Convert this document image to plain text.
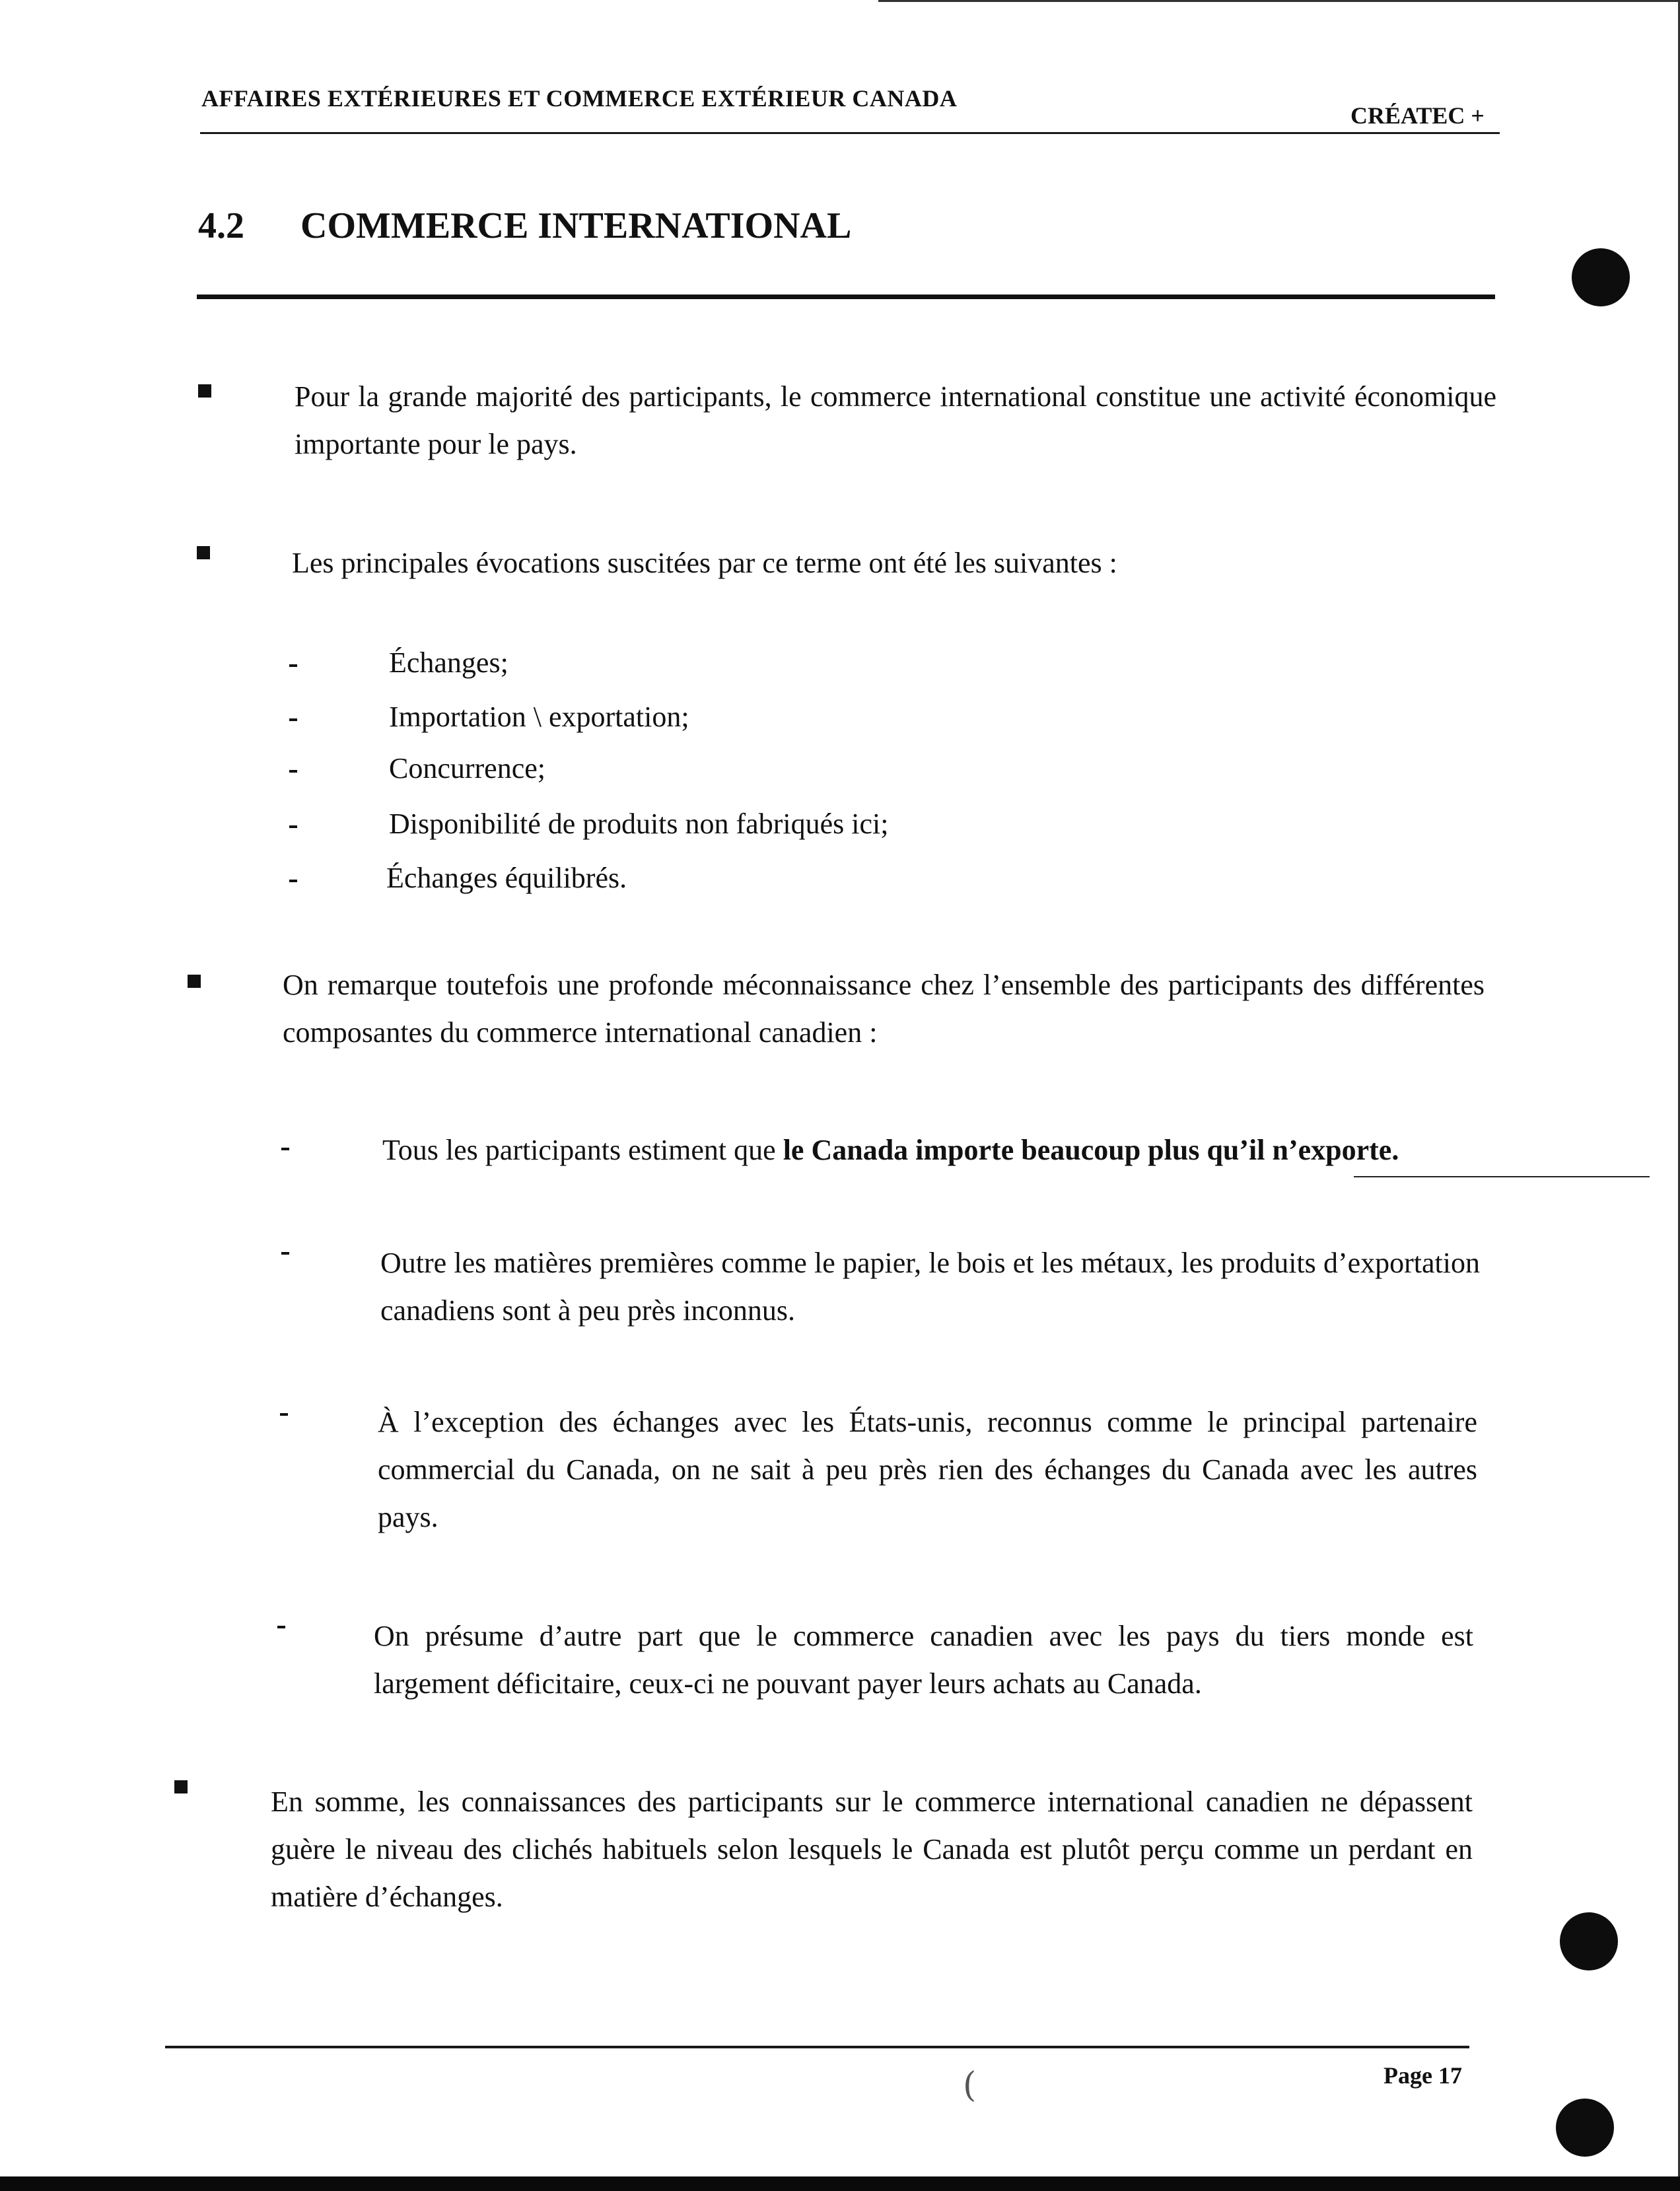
AFFAIRES EXTÉRIEURES ET COMMERCE EXTÉRIEUR CANADA
CRÉATEC +
4.2 COMMERCE INTERNATIONAL
Pour la grande majorité des participants, le commerce international constitue une activité économique importante pour le pays.
Les principales évocations suscitées par ce terme ont été les suivantes :
Échanges;
Importation \ exportation;
Concurrence;
Disponibilité de produits non fabriqués ici;
Échanges équilibrés.
On remarque toutefois une profonde méconnaissance chez l’ensemble des participants des différentes composantes du commerce international canadien :
Tous les participants estiment que le Canada importe beaucoup plus qu’il n’exporte.
Outre les matières premières comme le papier, le bois et les métaux, les produits d’exportation canadiens sont à peu près inconnus.
À l’exception des échanges avec les États-unis, reconnus comme le principal partenaire commercial du Canada, on ne sait à peu près rien des échanges du Canada avec les autres pays.
On présume d’autre part que le commerce canadien avec les pays du tiers monde est largement déficitaire, ceux-ci ne pouvant payer leurs achats au Canada.
En somme, les connaissances des participants sur le commerce international canadien ne dépassent guère le niveau des clichés habituels selon lesquels le Canada est plutôt perçu comme un perdant en matière d’échanges.
Page 17
(
